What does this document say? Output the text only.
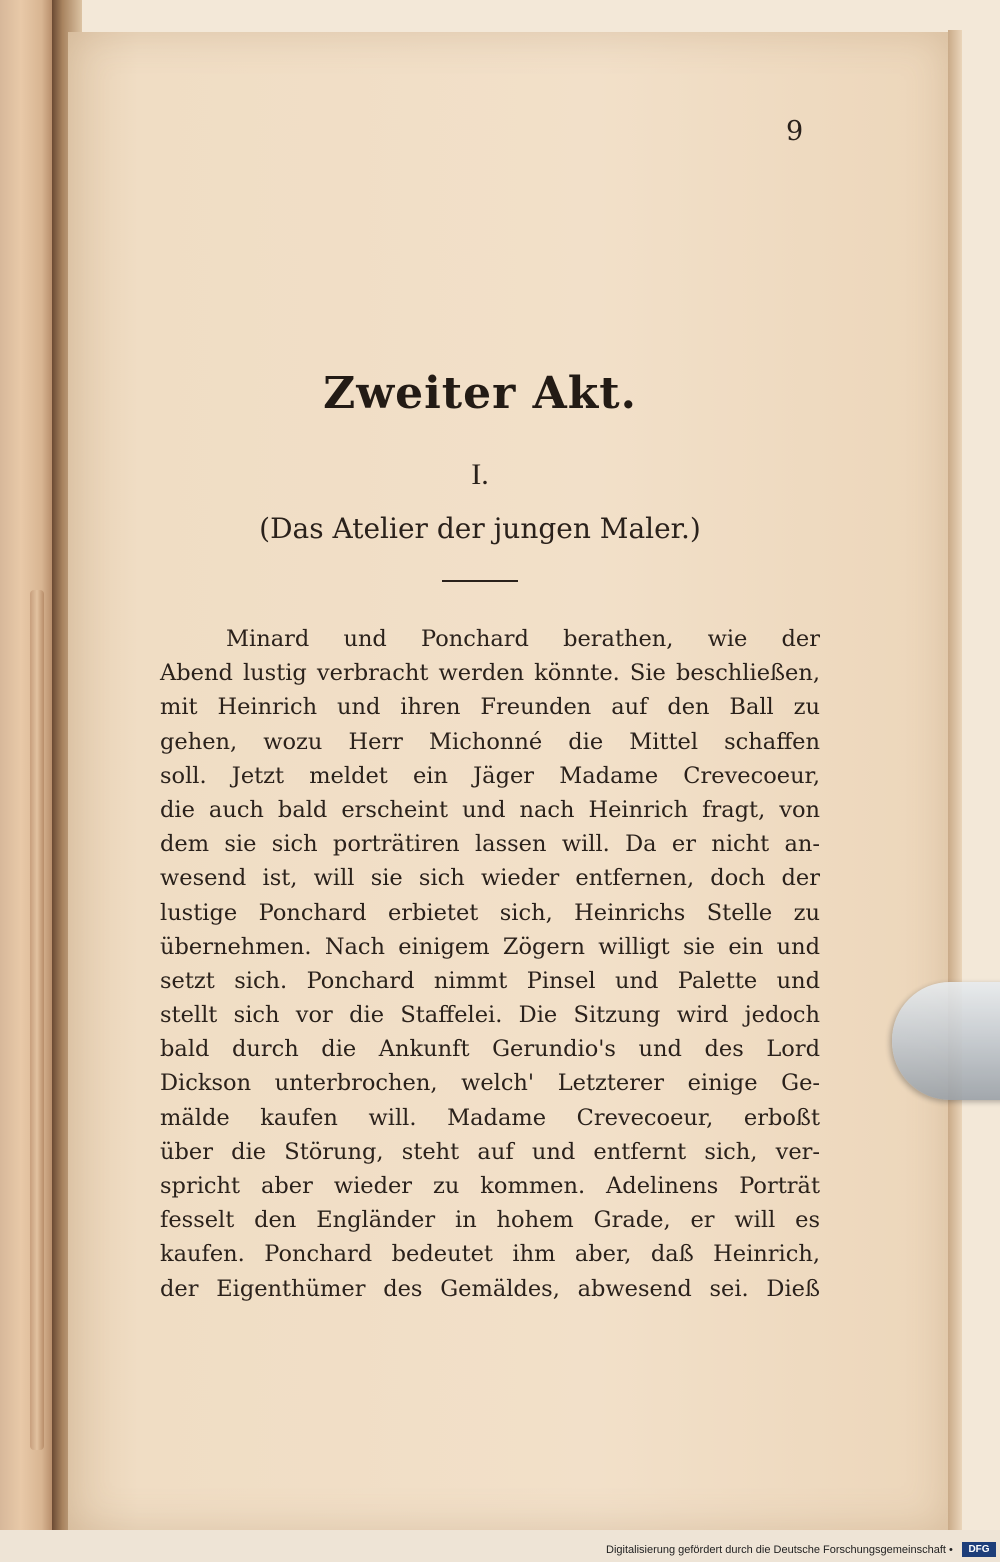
9
Zweiter Akt.
I.
(Das Atelier der jungen Maler.)
Minard und Ponchard berathen, wie der
Abend lustig verbracht werden könnte. Sie beschließen,
mit Heinrich und ihren Freunden auf den Ball zu
gehen, wozu Herr Michonné die Mittel schaffen
soll. Jetzt meldet ein Jäger Madame Crevecoeur,
die auch bald erscheint und nach Heinrich fragt, von
dem sie sich porträtiren lassen will. Da er nicht an-
wesend ist, will sie sich wieder entfernen, doch der
lustige Ponchard erbietet sich, Heinrichs Stelle zu
übernehmen. Nach einigem Zögern willigt sie ein und
setzt sich. Ponchard nimmt Pinsel und Palette und
stellt sich vor die Staffelei. Die Sitzung wird jedoch
bald durch die Ankunft Gerundio's und des Lord
Dickson unterbrochen, welch' Letzterer einige Ge-
mälde kaufen will. Madame Crevecoeur, erboßt
über die Störung, steht auf und entfernt sich, ver-
spricht aber wieder zu kommen. Adelinens Porträt
fesselt den Engländer in hohem Grade, er will es
kaufen. Ponchard bedeutet ihm aber, daß Heinrich,
der Eigenthümer des Gemäldes, abwesend sei. Dieß
Digitalisierung gefördert durch die Deutsche Forschungsgemeinschaft •	DFG
